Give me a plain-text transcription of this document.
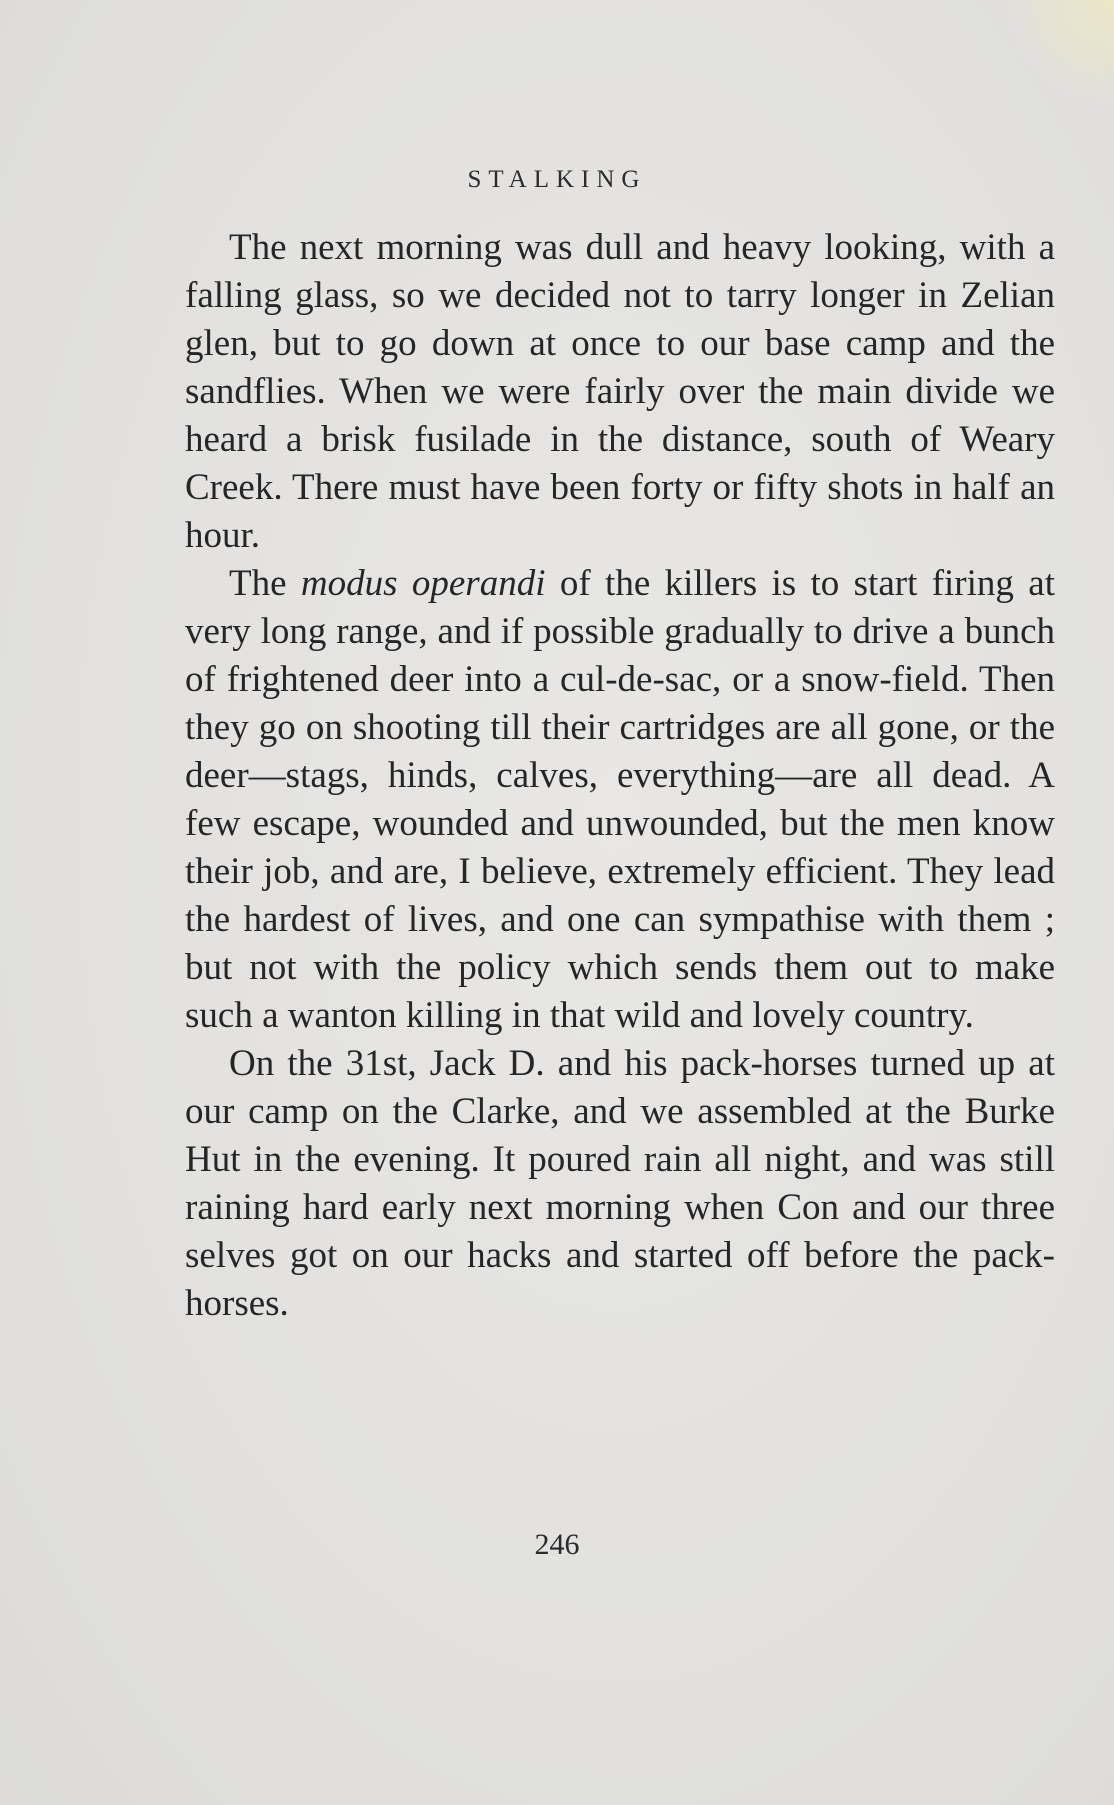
STALKING

The next morning was dull and heavy looking, with a falling glass, so we decided not to tarry longer in Zelian glen, but to go down at once to our base camp and the sandflies. When we were fairly over the main divide we heard a brisk fusilade in the distance, south of Weary Creek. There must have been forty or fifty shots in half an hour.

The modus operandi of the killers is to start firing at very long range, and if possible gradually to drive a bunch of frightened deer into a cul-de-sac, or a snow-field. Then they go on shooting till their cartridges are all gone, or the deer—stags, hinds, calves, everything—are all dead. A few escape, wounded and unwounded, but the men know their job, and are, I believe, extremely efficient. They lead the hardest of lives, and one can sympathise with them ; but not with the policy which sends them out to make such a wanton killing in that wild and lovely country.

On the 31st, Jack D. and his pack-horses turned up at our camp on the Clarke, and we assembled at the Burke Hut in the evening. It poured rain all night, and was still raining hard early next morning when Con and our three selves got on our hacks and started off before the pack-horses.

246
